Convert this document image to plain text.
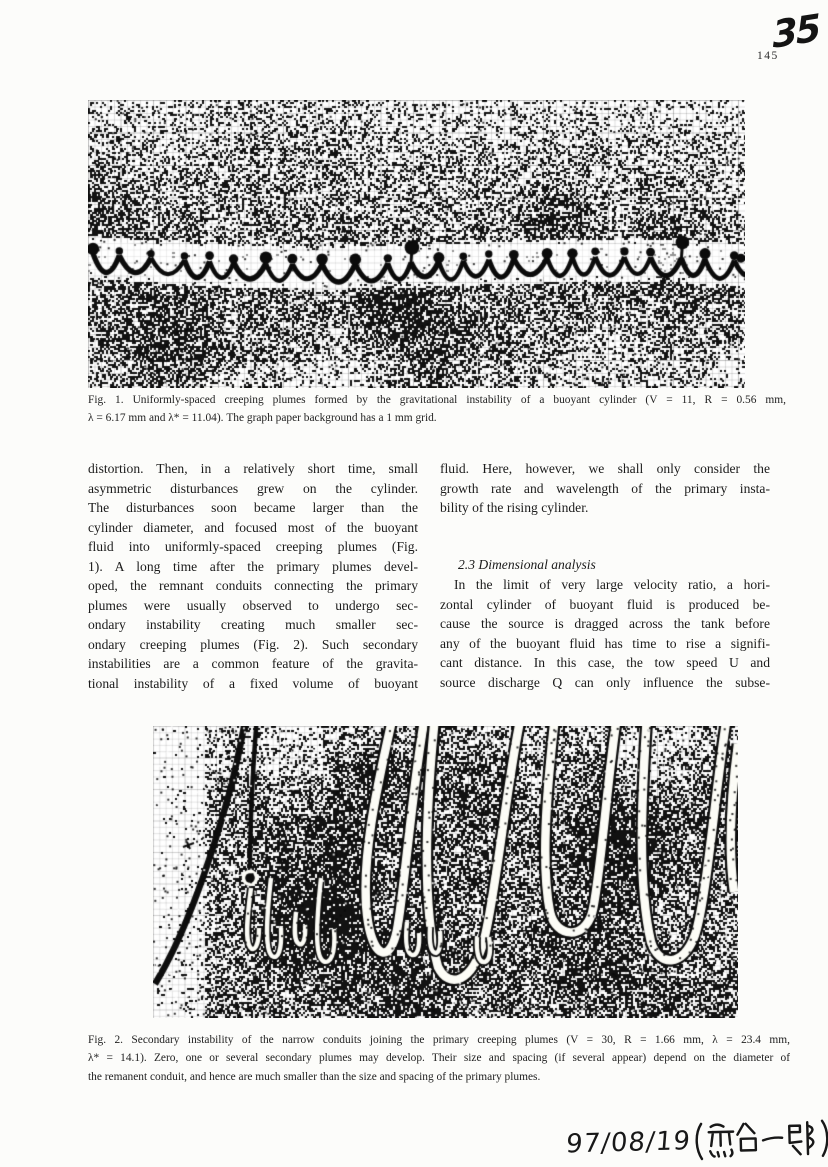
35
145
Fig. 1. Uniformly-spaced creeping plumes formed by the gravitational instability of a buoyant cylinder (V = 11, R = 0.56 mm,
λ = 6.17 mm and λ* = 11.04). The graph paper background has a 1 mm grid.
distortion. Then, in a relatively short time, small
asymmetric disturbances grew on the cylinder.
The disturbances soon became larger than the
cylinder diameter, and focused most of the buoyant
fluid into uniformly-spaced creeping plumes (Fig.
1). A long time after the primary plumes devel-
oped, the remnant conduits connecting the primary
plumes were usually observed to undergo sec-
ondary instability creating much smaller sec-
ondary creeping plumes (Fig. 2). Such secondary
instabilities are a common feature of the gravita-
tional instability of a fixed volume of buoyant
fluid. Here, however, we shall only consider the
growth rate and wavelength of the primary insta-
bility of the rising cylinder.
2.3 Dimensional analysis
In the limit of very large velocity ratio, a hori-
zontal cylinder of buoyant fluid is produced be-
cause the source is dragged across the tank before
any of the buoyant fluid has time to rise a signifi-
cant distance. In this case, the tow speed U and
source discharge Q can only influence the subse-
Fig. 2. Secondary instability of the narrow conduits joining the primary creeping plumes (V = 30, R = 1.66 mm, λ = 23.4 mm,
λ* = 14.1). Zero, one or several secondary plumes may develop. Their size and spacing (if several appear) depend on the diameter of
the remanent conduit, and hence are much smaller than the size and spacing of the primary plumes.
97/08/19
